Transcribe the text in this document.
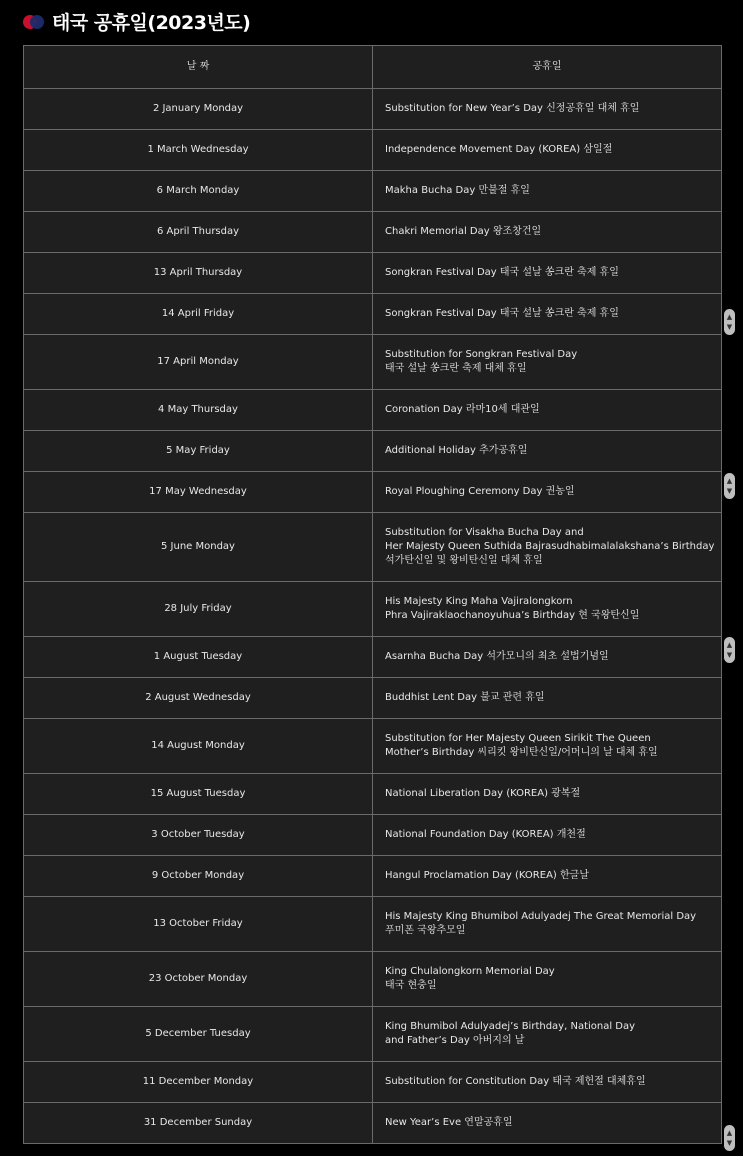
태국 공휴일(2023년도)
날 짜	공휴일
2 January Monday	Substitution for New Year’s Day 신정공휴일 대체 휴일

1 March Wednesday	Independence Movement Day (KOREA) 삼일절

6 March Monday	Makha Bucha Day 만불절 휴일

6 April Thursday	Chakri Memorial Day 왕조창건일

13 April Thursday	Songkran Festival Day 태국 설날 쏭크란 축제 휴일

14 April Friday	Songkran Festival Day 태국 설날 쏭크란 축제 휴일

17 April Monday	Substitution for Songkran Festival Day
태국 설날 쏭크란 축제 대체 휴일

4 May Thursday	Coronation Day 라마10세 대관일

5 May Friday	Additional Holiday 추가공휴일

17 May Wednesday	Royal Ploughing Ceremony Day 권농일

5 June Monday	Substitution for Visakha Bucha Day and
Her Majesty Queen Suthida Bajrasudhabimalalakshana’s Birthday
석가탄신일 및 왕비탄신일 대체 휴일

28 July Friday	His Majesty King Maha Vajiralongkorn
Phra Vajiraklaochanoyuhua’s Birthday 현 국왕탄신일

1 August Tuesday	Asarnha Bucha Day 석가모니의 최초 설법기념일

2 August Wednesday	Buddhist Lent Day 불교 관련 휴일

14 August Monday	Substitution for Her Majesty Queen Sirikit The Queen
Mother’s Birthday 씨리킷 왕비탄신일/어머니의 날 대체 휴일

15 August Tuesday	National Liberation Day (KOREA) 광복절

3 October Tuesday	National Foundation Day (KOREA) 개천절

9 October Monday	Hangul Proclamation Day (KOREA) 한글날

13 October Friday	His Majesty King Bhumibol Adulyadej The Great Memorial Day
푸미폰 국왕추모일

23 October Monday	King Chulalongkorn Memorial Day
태국 현충일

5 December Tuesday	King Bhumibol Adulyadej’s Birthday, National Day
and Father’s Day 아버지의 날

11 December Monday	Substitution for Constitution Day 태국 제헌절 대체휴일

31 December Sunday	New Year’s Eve 연말공휴일
▲
▼
▲
▼
▲
▼
▲
▼
